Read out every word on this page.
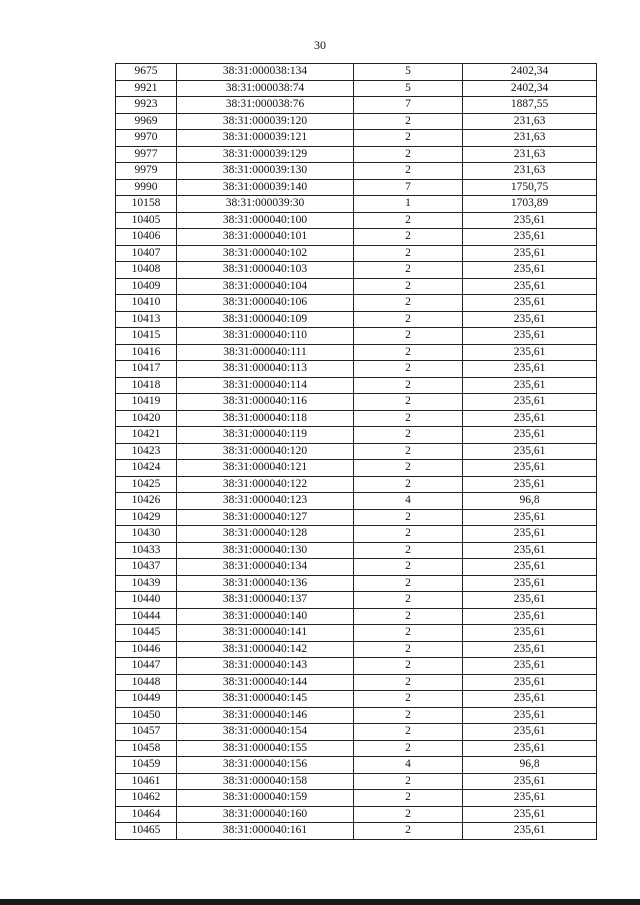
30
9675	38:31:000038:134	5	2402,34
9921	38:31:000038:74	5	2402,34
9923	38:31:000038:76	7	1887,55
9969	38:31:000039:120	2	231,63
9970	38:31:000039:121	2	231,63
9977	38:31:000039:129	2	231,63
9979	38:31:000039:130	2	231,63
9990	38:31:000039:140	7	1750,75
10158	38:31:000039:30	1	1703,89
10405	38:31:000040:100	2	235,61
10406	38:31:000040:101	2	235,61
10407	38:31:000040:102	2	235,61
10408	38:31:000040:103	2	235,61
10409	38:31:000040:104	2	235,61
10410	38:31:000040:106	2	235,61
10413	38:31:000040:109	2	235,61
10415	38:31:000040:110	2	235,61
10416	38:31:000040:111	2	235,61
10417	38:31:000040:113	2	235,61
10418	38:31:000040:114	2	235,61
10419	38:31:000040:116	2	235,61
10420	38:31:000040:118	2	235,61
10421	38:31:000040:119	2	235,61
10423	38:31:000040:120	2	235,61
10424	38:31:000040:121	2	235,61
10425	38:31:000040:122	2	235,61
10426	38:31:000040:123	4	96,8
10429	38:31:000040:127	2	235,61
10430	38:31:000040:128	2	235,61
10433	38:31:000040:130	2	235,61
10437	38:31:000040:134	2	235,61
10439	38:31:000040:136	2	235,61
10440	38:31:000040:137	2	235,61
10444	38:31:000040:140	2	235,61
10445	38:31:000040:141	2	235,61
10446	38:31:000040:142	2	235,61
10447	38:31:000040:143	2	235,61
10448	38:31:000040:144	2	235,61
10449	38:31:000040:145	2	235,61
10450	38:31:000040:146	2	235,61
10457	38:31:000040:154	2	235,61
10458	38:31:000040:155	2	235,61
10459	38:31:000040:156	4	96,8
10461	38:31:000040:158	2	235,61
10462	38:31:000040:159	2	235,61
10464	38:31:000040:160	2	235,61
10465	38:31:000040:161	2	235,61
